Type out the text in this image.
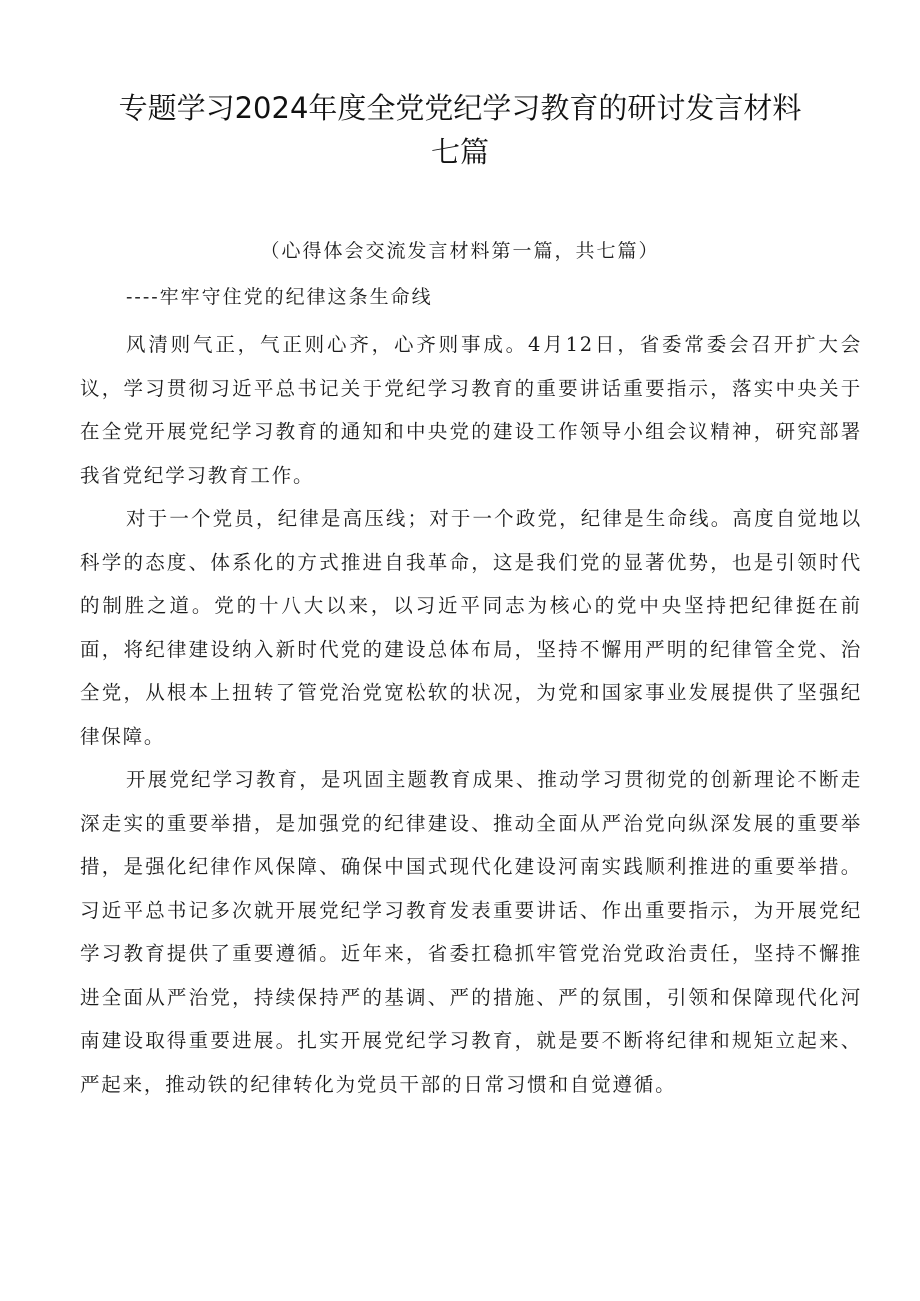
专题学习2024年度全党党纪学习教育的研讨发言材料
七篇

（心得体会交流发言材料第一篇，共七篇）

----牢牢守住党的纪律这条生命线

风清则气正，气正则心齐，心齐则事成。4月12日，省委常委会召开扩大会议，学习贯彻习近平总书记关于党纪学习教育的重要讲话重要指示，落实中央关于在全党开展党纪学习教育的通知和中央党的建设工作领导小组会议精神，研究部署我省党纪学习教育工作。

对于一个党员，纪律是高压线；对于一个政党，纪律是生命线。高度自觉地以科学的态度、体系化的方式推进自我革命，这是我们党的显著优势，也是引领时代的制胜之道。党的十八大以来，以习近平同志为核心的党中央坚持把纪律挺在前面，将纪律建设纳入新时代党的建设总体布局，坚持不懈用严明的纪律管全党、治全党，从根本上扭转了管党治党宽松软的状况，为党和国家事业发展提供了坚强纪律保障。

开展党纪学习教育，是巩固主题教育成果、推动学习贯彻党的创新理论不断走深走实的重要举措，是加强党的纪律建设、推动全面从严治党向纵深发展的重要举措，是强化纪律作风保障、确保中国式现代化建设河南实践顺利推进的重要举措。习近平总书记多次就开展党纪学习教育发表重要讲话、作出重要指示，为开展党纪学习教育提供了重要遵循。近年来，省委扛稳抓牢管党治党政治责任，坚持不懈推进全面从严治党，持续保持严的基调、严的措施、严的氛围，引领和保障现代化河南建设取得重要进展。扎实开展党纪学习教育，就是要不断将纪律和规矩立起来、严起来，推动铁的纪律转化为党员干部的日常习惯和自觉遵循。
